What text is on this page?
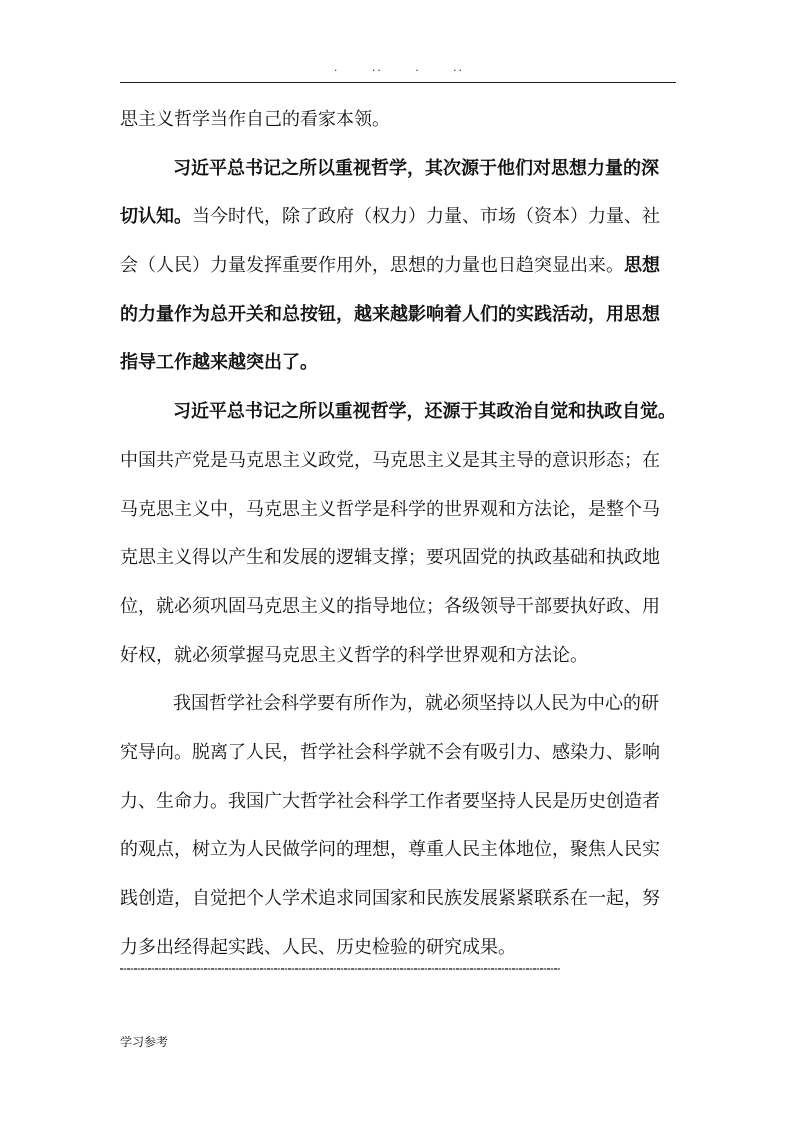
.      ..      .      ..
思主义哲学当作自己的看家本领。
习近平总书记之所以重视哲学，其次源于他们对思想力量的深
切认知。当今时代，除了政府（权力）力量、市场（资本）力量、社
会（人民）力量发挥重要作用外，思想的力量也日趋突显出来。思想
的力量作为总开关和总按钮，越来越影响着人们的实践活动，用思想
指导工作越来越突出了。
习近平总书记之所以重视哲学，还源于其政治自觉和执政自觉。
中国共产党是马克思主义政党，马克思主义是其主导的意识形态；在
马克思主义中，马克思主义哲学是科学的世界观和方法论，是整个马
克思主义得以产生和发展的逻辑支撑；要巩固党的执政基础和执政地
位，就必须巩固马克思主义的指导地位；各级领导干部要执好政、用
好权，就必须掌握马克思主义哲学的科学世界观和方法论。
我国哲学社会科学要有所作为，就必须坚持以人民为中心的研
究导向。脱离了人民，哲学社会科学就不会有吸引力、感染力、影响
力、生命力。我国广大哲学社会科学工作者要坚持人民是历史创造者
的观点，树立为人民做学问的理想，尊重人民主体地位，聚焦人民实
践创造，自觉把个人学术追求同国家和民族发展紧紧联系在一起，努
力多出经得起实践、人民、历史检验的研究成果。
学习参考
